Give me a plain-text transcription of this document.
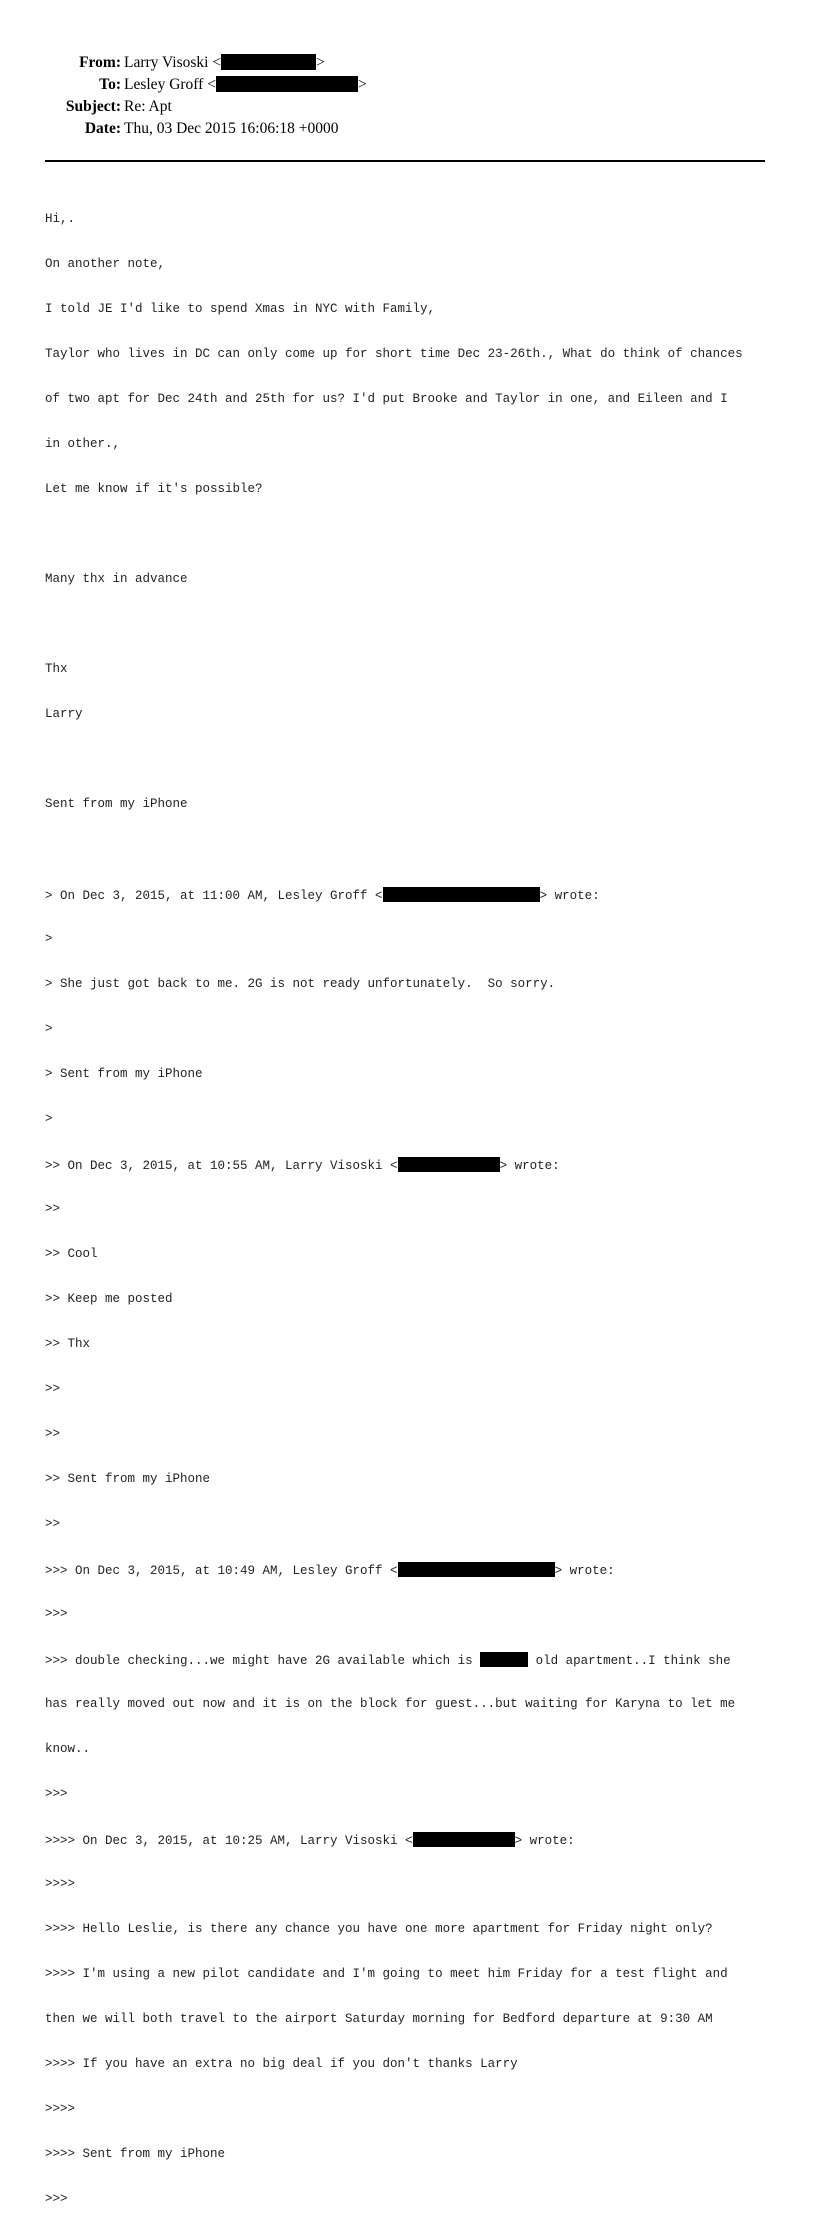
From: Larry Visoski <	>
To: Lesley Groff <	>
Subject: Re: Apt
Date: Thu, 03 Dec 2015 16:06:18 +0000

Hi,.

On another note,

I told JE I'd like to spend Xmas in NYC with Family,

Taylor who lives in DC can only come up for short time Dec 23-26th., What do think of chances

of two apt for Dec 24th and 25th for us? I'd put Brooke and Taylor in one, and Eileen and I

in other.,

Let me know if it's possible?

Many thx in advance

Thx

Larry

Sent from my iPhone

> On Dec 3, 2015, at 11:00 AM, Lesley Groff <	> wrote:

>

> She just got back to me. 2G is not ready unfortunately.  So sorry.

>

> Sent from my iPhone

>

>> On Dec 3, 2015, at 10:55 AM, Larry Visoski <	> wrote:

>>

>> Cool

>> Keep me posted

>> Thx

>>

>>

>> Sent from my iPhone

>>

>>> On Dec 3, 2015, at 10:49 AM, Lesley Groff <	> wrote:

>>>

>>> double checking...we might have 2G available which is	old apartment..I think she

has really moved out now and it is on the block for guest...but waiting for Karyna to let me

know..

>>>

>>>> On Dec 3, 2015, at 10:25 AM, Larry Visoski <	> wrote:

>>>>

>>>> Hello Leslie, is there any chance you have one more apartment for Friday night only?

>>>> I'm using a new pilot candidate and I'm going to meet him Friday for a test flight and

then we will both travel to the airport Saturday morning for Bedford departure at 9:30 AM

>>>> If you have an extra no big deal if you don't thanks Larry

>>>>

>>>> Sent from my iPhone

>>>
